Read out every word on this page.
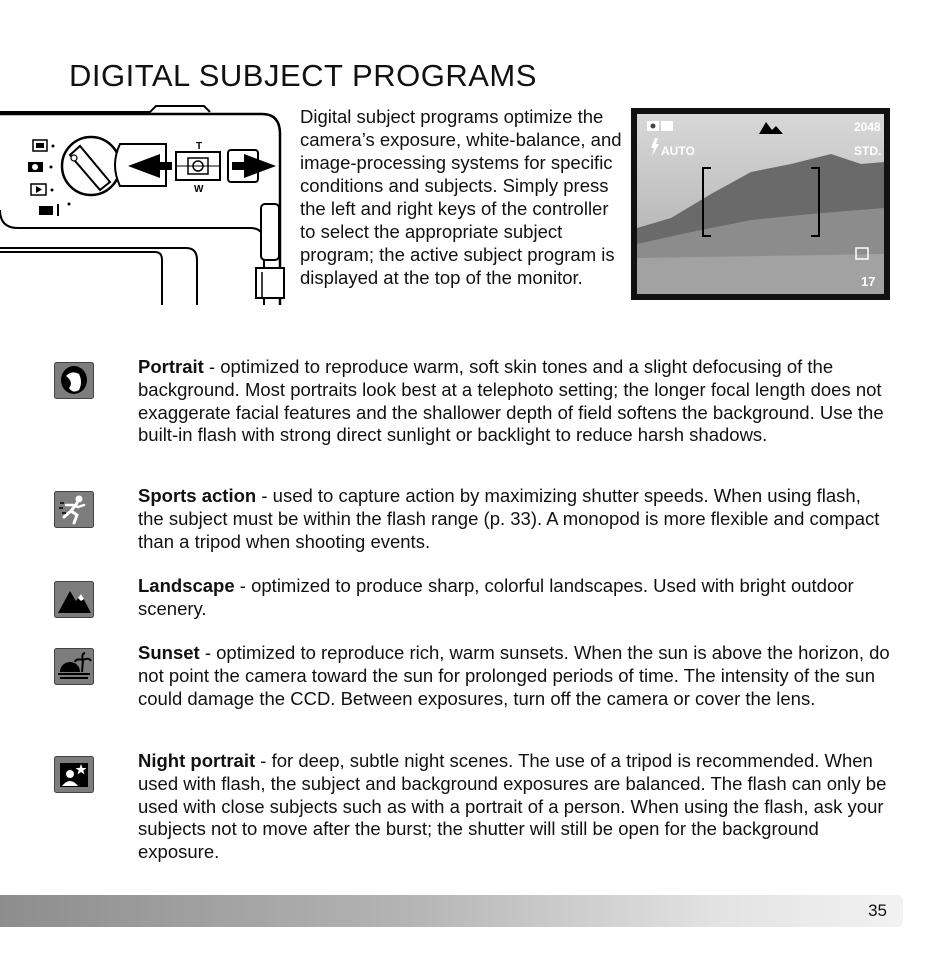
DIGITAL SUBJECT PROGRAMS
T
W
Digital subject programs optimize the camera’s exposure, white-balance, and image-processing systems for specific conditions and subjects. Simply press the left and right keys of the controller to select the appropriate subject program; the active subject program is displayed at the top of the monitor.
AUTO
2048
STD.
17
Portrait - optimized to reproduce warm, soft skin tones and a slight defocusing of the background. Most portraits look best at a telephoto setting; the longer focal length does not exaggerate facial features and the shallower depth of field softens the background. Use the built-in flash with strong direct sunlight or backlight to reduce harsh shadows.
Sports action - used to capture action by maximizing shutter speeds. When using flash, the subject must be within the flash range (p. 33). A monopod is more flexible and compact than a tripod when shooting events.
Landscape - optimized to produce sharp, colorful landscapes. Used with bright outdoor scenery.
Sunset - optimized to reproduce rich, warm sunsets. When the sun is above the horizon, do not point the camera toward the sun for prolonged periods of time. The intensity of the sun could damage the CCD. Between exposures, turn off the camera or cover the lens.
Night portrait - for deep, subtle night scenes. The use of a tripod is recommended. When used with flash, the subject and background exposures are balanced. The flash can only be used with close subjects such as with a portrait of a person. When using the flash, ask your subjects not to move after the burst; the shutter will still be open for the background exposure.
35
